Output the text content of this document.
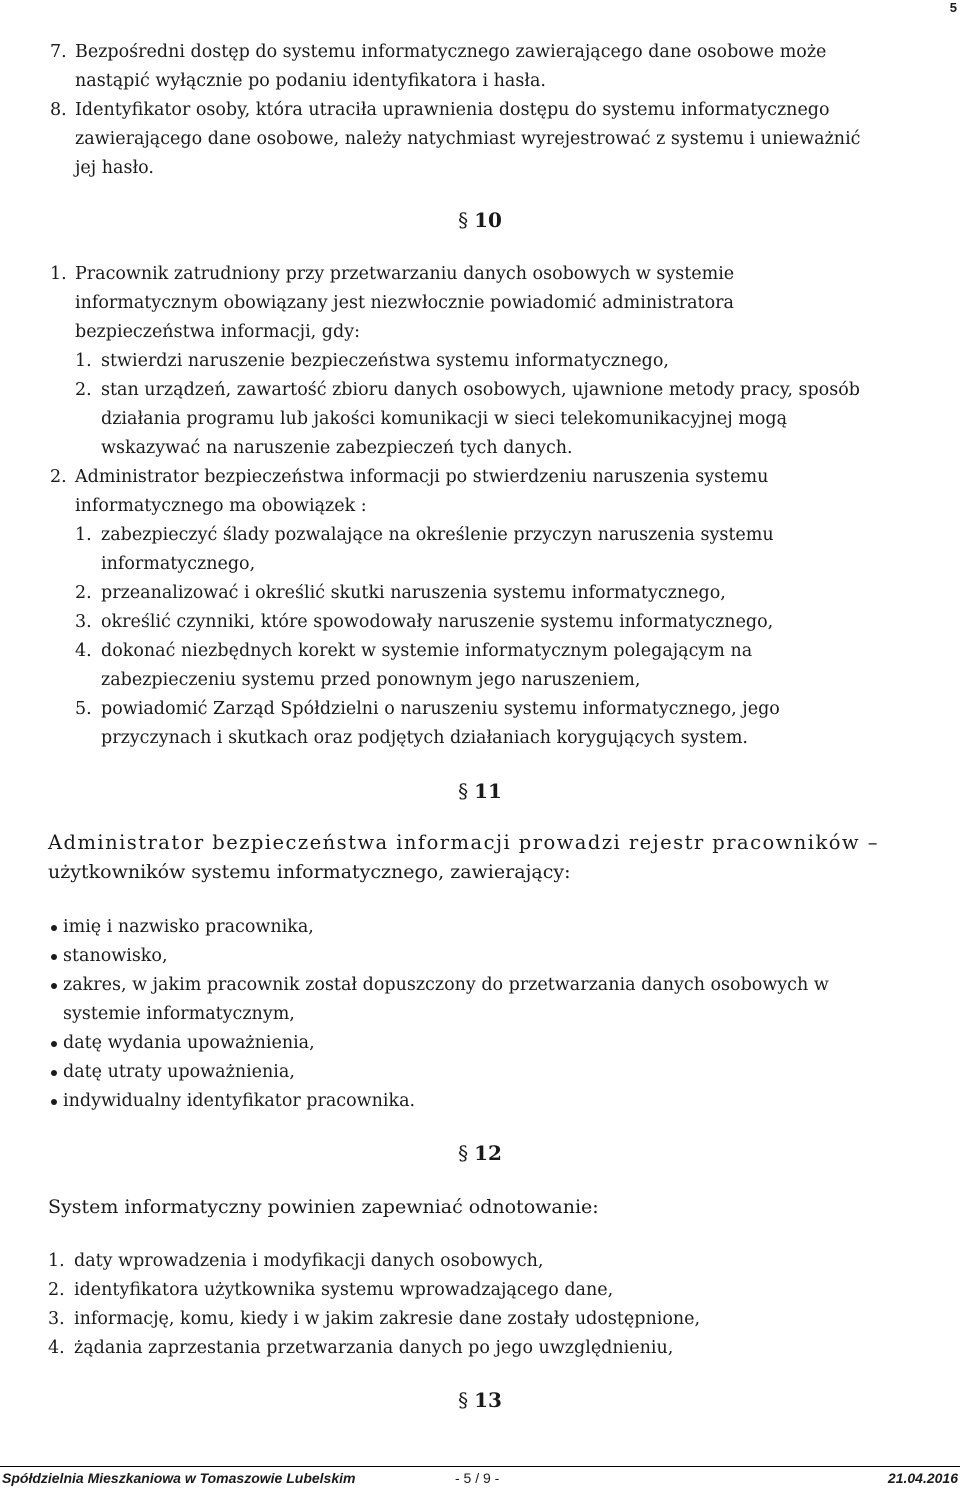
5
7. Bezpośredni dostęp do systemu informatycznego zawierającego dane osobowe może
nastąpić wyłącznie po podaniu identyfikatora i hasła.
8. Identyfikator osoby, która utraciła uprawnienia dostępu do systemu informatycznego
zawierającego dane osobowe, należy natychmiast wyrejestrować z systemu i unieważnić
jej hasło.
§ 10
1. Pracownik zatrudniony przy przetwarzaniu danych osobowych w systemie
informatycznym obowiązany jest niezwłocznie powiadomić administratora
bezpieczeństwa informacji, gdy:
1. stwierdzi naruszenie bezpieczeństwa systemu informatycznego,
2. stan urządzeń, zawartość zbioru danych osobowych, ujawnione metody pracy, sposób
działania programu lub jakości komunikacji w sieci telekomunikacyjnej mogą
wskazywać na naruszenie zabezpieczeń tych danych.
2. Administrator bezpieczeństwa informacji po stwierdzeniu naruszenia systemu
informatycznego ma obowiązek :
1. zabezpieczyć ślady pozwalające na określenie przyczyn naruszenia systemu
informatycznego,
2. przeanalizować i określić skutki naruszenia systemu informatycznego,
3. określić czynniki, które spowodowały naruszenie systemu informatycznego,
4. dokonać niezbędnych korekt w systemie informatycznym polegającym na
zabezpieczeniu systemu przed ponownym jego naruszeniem,
5. powiadomić Zarząd Spółdzielni o naruszeniu systemu informatycznego, jego
przyczynach i skutkach oraz podjętych działaniach korygujących system.
§ 11
Administrator bezpieczeństwa informacji prowadzi rejestr pracowników –
użytkowników systemu informatycznego, zawierający:
imię i nazwisko pracownika,
stanowisko,
zakres, w jakim pracownik został dopuszczony do przetwarzania danych osobowych w
systemie informatycznym,
datę wydania upoważnienia,
datę utraty upoważnienia,
indywidualny identyfikator pracownika.
§ 12
System informatyczny powinien zapewniać odnotowanie:
1. daty wprowadzenia i modyfikacji danych osobowych,
2. identyfikatora użytkownika systemu wprowadzającego dane,
3. informację, komu, kiedy i w jakim zakresie dane zostały udostępnione,
4. żądania zaprzestania przetwarzania danych po jego uwzględnieniu,
§ 13
Spółdzielnia Mieszkaniowa w Tomaszowie Lubelskim	- 5 / 9 -	21.04.2016
